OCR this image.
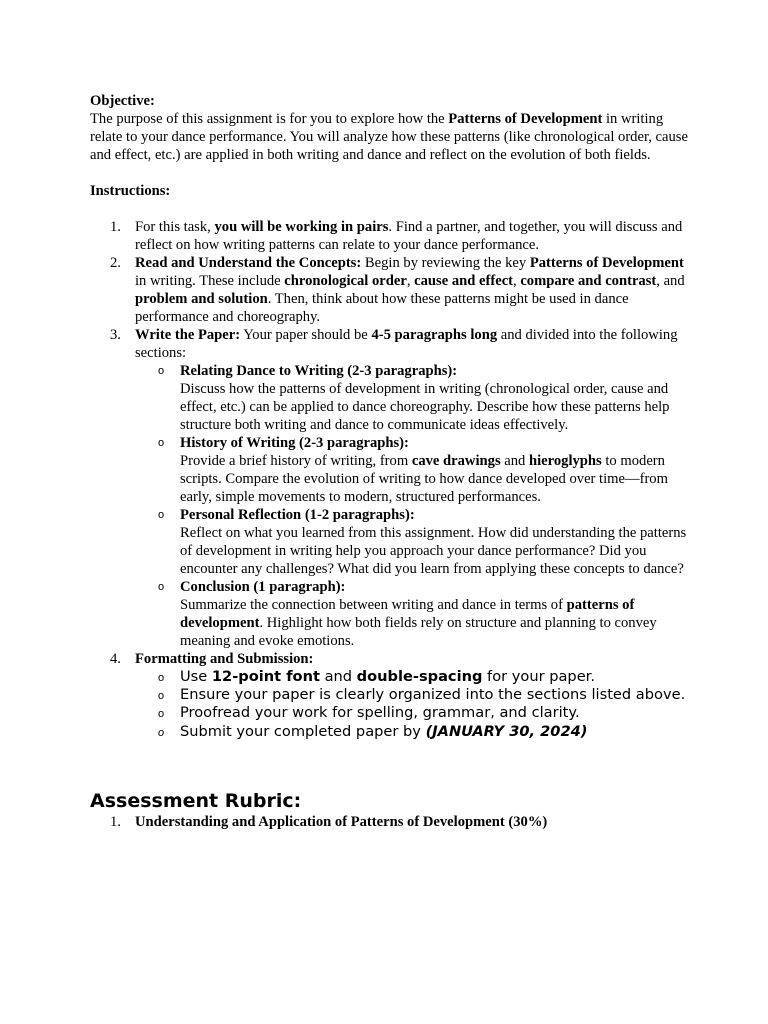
Objective:

The purpose of this assignment is for you to explore how the Patterns of Development in writing relate to your dance performance. You will analyze how these patterns (like chronological order, cause and effect, etc.) are applied in both writing and dance and reflect on the evolution of both fields.

Instructions:

1. For this task, you will be working in pairs. Find a partner, and together, you will discuss and reflect on how writing patterns can relate to your dance performance.
2. Read and Understand the Concepts: Begin by reviewing the key Patterns of Development in writing. These include chronological order, cause and effect, compare and contrast, and problem and solution. Then, think about how these patterns might be used in dance performance and choreography.
3. Write the Paper: Your paper should be 4-5 paragraphs long and divided into the following sections:
o Relating Dance to Writing (2-3 paragraphs):
Discuss how the patterns of development in writing (chronological order, cause and effect, etc.) can be applied to dance choreography. Describe how these patterns help structure both writing and dance to communicate ideas effectively.
o History of Writing (2-3 paragraphs):
Provide a brief history of writing, from cave drawings and hieroglyphs to modern scripts. Compare the evolution of writing to how dance developed over time—from early, simple movements to modern, structured performances.
o Personal Reflection (1-2 paragraphs):
Reflect on what you learned from this assignment. How did understanding the patterns of development in writing help you approach your dance performance? Did you encounter any challenges? What did you learn from applying these concepts to dance?
o Conclusion (1 paragraph):
Summarize the connection between writing and dance in terms of patterns of development. Highlight how both fields rely on structure and planning to convey meaning and evoke emotions.
4. Formatting and Submission:
o Use 12-point font and double-spacing for your paper.
o Ensure your paper is clearly organized into the sections listed above.
o Proofread your work for spelling, grammar, and clarity.
o Submit your completed paper by (JANUARY 30, 2024)
Assessment Rubric:
1. Understanding and Application of Patterns of Development (30%)
